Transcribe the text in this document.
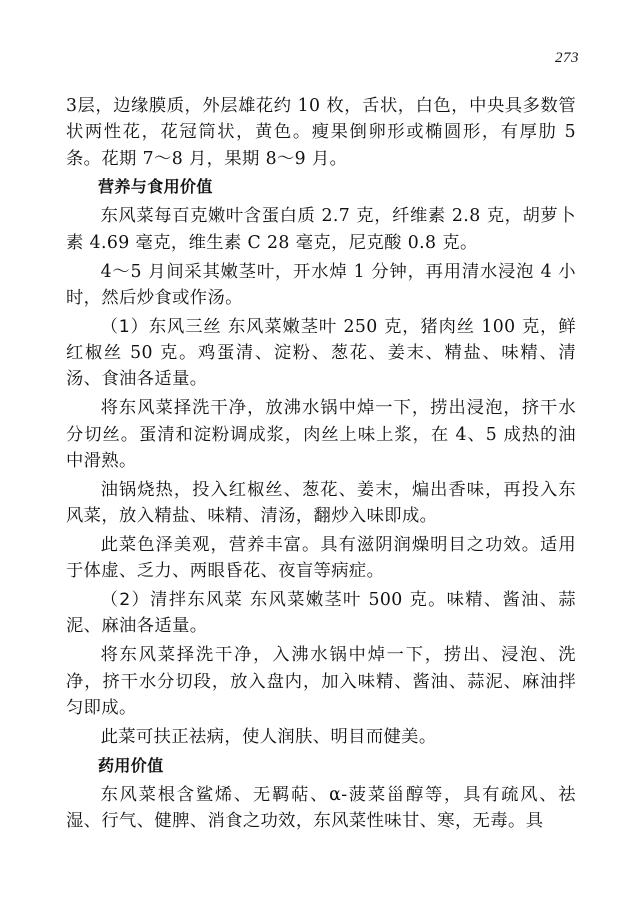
273

3层，边缘膜质，外层雄花约 10 枚，舌状，白色，中央具多数管状两性花，花冠筒状，黄色。瘦果倒卵形或椭圆形，有厚肋 5 条。花期 7～8 月，果期 8～9 月。

营养与食用价值

东风菜每百克嫩叶含蛋白质 2.7 克，纤维素 2.8 克，胡萝卜素 4.69 毫克，维生素 C 28 毫克，尼克酸 0.8 克。

4～5 月间采其嫩茎叶，开水焯 1 分钟，再用清水浸泡 4 小时，然后炒食或作汤。

（1）东风三丝 东风菜嫩茎叶 250 克，猪肉丝 100 克，鲜红椒丝 50 克。鸡蛋清、淀粉、葱花、姜末、精盐、味精、清汤、食油各适量。

将东风菜择洗干净，放沸水锅中焯一下，捞出浸泡，挤干水分切丝。蛋清和淀粉调成浆，肉丝上味上浆，在 4、5 成热的油中滑熟。

油锅烧热，投入红椒丝、葱花、姜末，煸出香味，再投入东风菜，放入精盐、味精、清汤，翻炒入味即成。

此菜色泽美观，营养丰富。具有滋阴润燥明目之功效。适用于体虚、乏力、两眼昏花、夜盲等病症。

（2）清拌东风菜 东风菜嫩茎叶 500 克。味精、酱油、蒜泥、麻油各适量。

将东风菜择洗干净，入沸水锅中焯一下，捞出、浸泡、洗净，挤干水分切段，放入盘内，加入味精、酱油、蒜泥、麻油拌匀即成。

此菜可扶正祛病，使人润肤、明目而健美。

药用价值

东风菜根含鲨烯、无羁萜、α-菠菜甾醇等，具有疏风、祛湿、行气、健脾、消食之功效，东风菜性味甘、寒，无毒。具
